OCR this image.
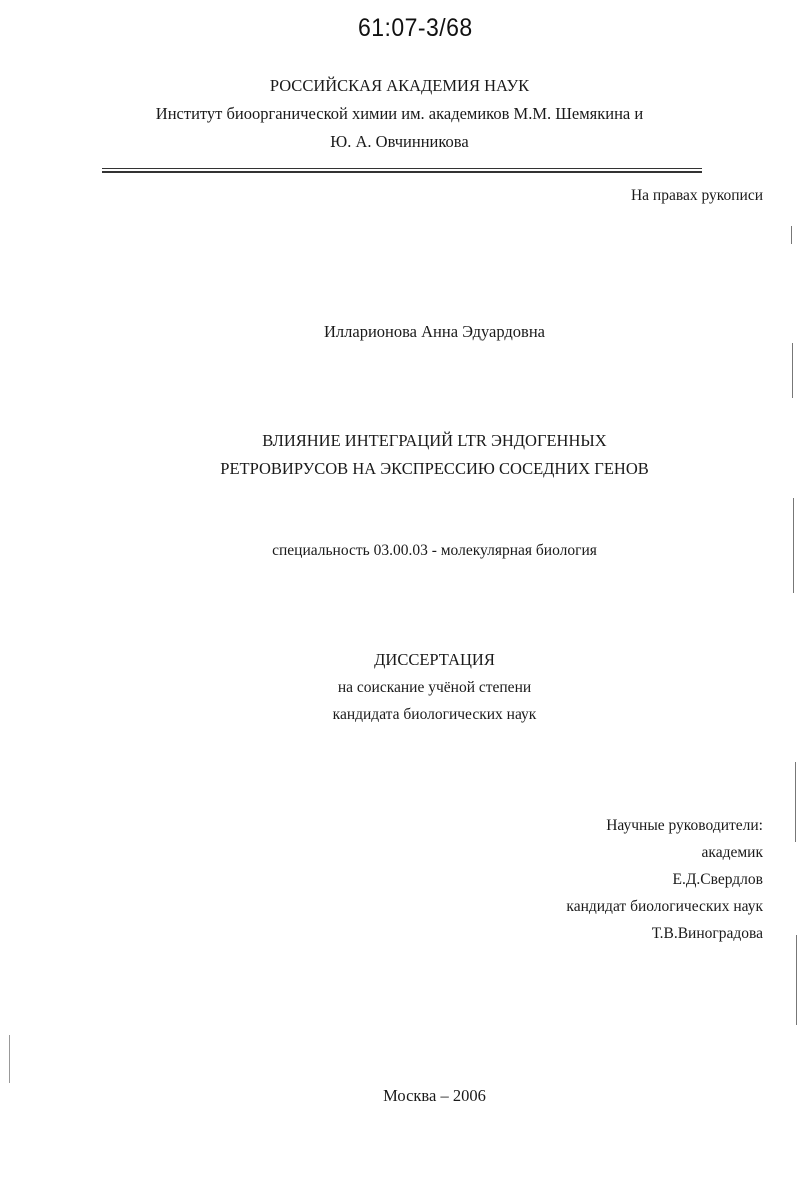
61:07-3/68
РОССИЙСКАЯ АКАДЕМИЯ НАУК
Институт биоорганической химии им. академиков М.М. Шемякина и
Ю. А. Овчинникова
На правах рукописи
Илларионова Анна Эдуардовна
ВЛИЯНИЕ ИНТЕГРАЦИЙ LTR ЭНДОГЕННЫХ
РЕТРОВИРУСОВ НА ЭКСПРЕССИЮ СОСЕДНИХ ГЕНОВ
специальность 03.00.03 - молекулярная биология
ДИССЕРТАЦИЯ
на соискание учёной степени
кандидата биологических наук
Научные руководители:
академик
Е.Д.Свердлов
кандидат биологических наук
Т.В.Виноградова
Москва – 2006
